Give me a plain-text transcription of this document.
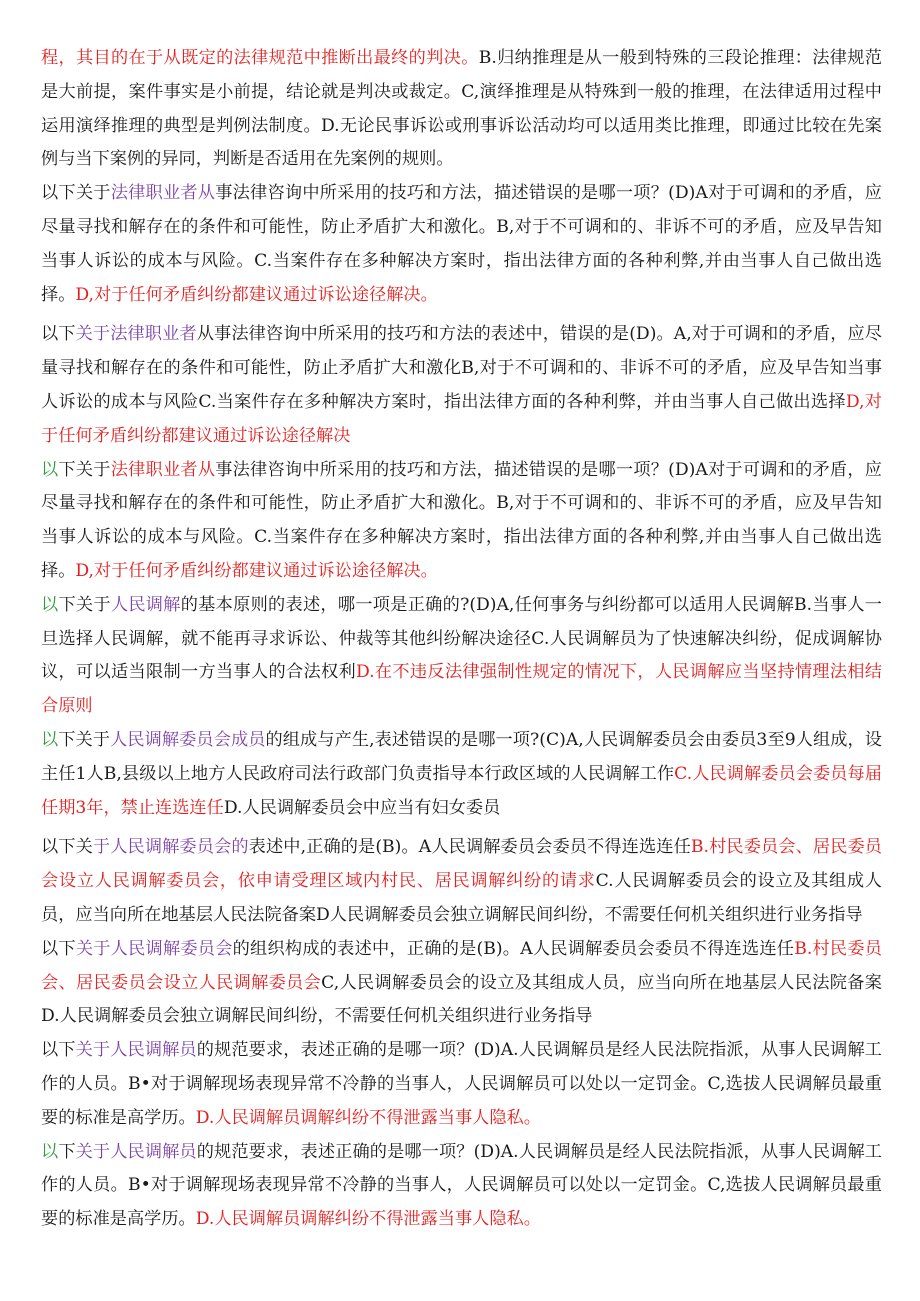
程，其目的在于从既定的法律规范中推断出最终的判决。B.归纳推理是从一般到特殊的三段论推理：法律规范是大前提，案件事实是小前提，结论就是判决或裁定。C,演绎推理是从特殊到一般的推理，在法律适用过程中运用演绎推理的典型是判例法制度。D.无论民事诉讼或刑事诉讼活动均可以适用类比推理，即通过比较在先案例与当下案例的异同，判断是否适用在先案例的规则。

以下关于法律职业者从事法律咨询中所采用的技巧和方法，描述错误的是哪一项？(D)A对于可调和的矛盾，应尽量寻找和解存在的条件和可能性，防止矛盾扩大和激化。B,对于不可调和的、非诉不可的矛盾，应及早告知当事人诉讼的成本与风险。C.当案件存在多种解决方案时，指出法律方面的各种利弊,并由当事人自己做出选择。D,对于任何矛盾纠纷都建议通过诉讼途径解决。

以下关于法律职业者从事法律咨询中所采用的技巧和方法的表述中，错误的是(D)。A,对于可调和的矛盾，应尽量寻找和解存在的条件和可能性，防止矛盾扩大和激化B,对于不可调和的、非诉不可的矛盾，应及早告知当事人诉讼的成本与风险C.当案件存在多种解决方案时，指出法律方面的各种利弊，并由当事人自己做出选择D,对于任何矛盾纠纷都建议通过诉讼途径解决

以下关于法律职业者从事法律咨询中所采用的技巧和方法，描述错误的是哪一项？(D)A对于可调和的矛盾，应尽量寻找和解存在的条件和可能性，防止矛盾扩大和激化。B,对于不可调和的、非诉不可的矛盾，应及早告知当事人诉讼的成本与风险。C.当案件存在多种解决方案时，指出法律方面的各种利弊,并由当事人自己做出选择。D,对于任何矛盾纠纷都建议通过诉讼途径解决。

以下关于人民调解的基本原则的表述，哪一项是正确的?(D)A,任何事务与纠纷都可以适用人民调解B.当事人一旦选择人民调解，就不能再寻求诉讼、仲裁等其他纠纷解决途径C.人民调解员为了快速解决纠纷，促成调解协议，可以适当限制一方当事人的合法权利D.在不违反法律强制性规定的情况下，人民调解应当坚持情理法相结合原则

以下关于人民调解委员会成员的组成与产生,表述错误的是哪一项?(C)A,人民调解委员会由委员3至9人组成，设主任1人B,县级以上地方人民政府司法行政部门负责指导本行政区域的人民调解工作C.人民调解委员会委员每届任期3年，禁止连选连任D.人民调解委员会中应当有妇女委员

以下关于人民调解委员会的表述中,正确的是(B)。A人民调解委员会委员不得连选连任B.村民委员会、居民委员会设立人民调解委员会，依申请受理区域内村民、居民调解纠纷的请求C.人民调解委员会的设立及其组成人员，应当向所在地基层人民法院备案D人民调解委员会独立调解民间纠纷，不需要任何机关组织进行业务指导

以下关于人民调解委员会的组织构成的表述中，正确的是(B)。A人民调解委员会委员不得连选连任B.村民委员会、居民委员会设立人民调解委员会C,人民调解委员会的设立及其组成人员，应当向所在地基层人民法院备案D.人民调解委员会独立调解民间纠纷，不需要任何机关组织进行业务指导

以下关于人民调解员的规范要求，表述正确的是哪一项？(D)A.人民调解员是经人民法院指派，从事人民调解工作的人员。B•对于调解现场表现异常不冷静的当事人，人民调解员可以处以一定罚金。C,选拔人民调解员最重要的标准是高学历。D.人民调解员调解纠纷不得泄露当事人隐私。

以下关于人民调解员的规范要求，表述正确的是哪一项？(D)A.人民调解员是经人民法院指派，从事人民调解工作的人员。B•对于调解现场表现异常不冷静的当事人，人民调解员可以处以一定罚金。C,选拔人民调解员最重要的标准是高学历。D.人民调解员调解纠纷不得泄露当事人隐私。
